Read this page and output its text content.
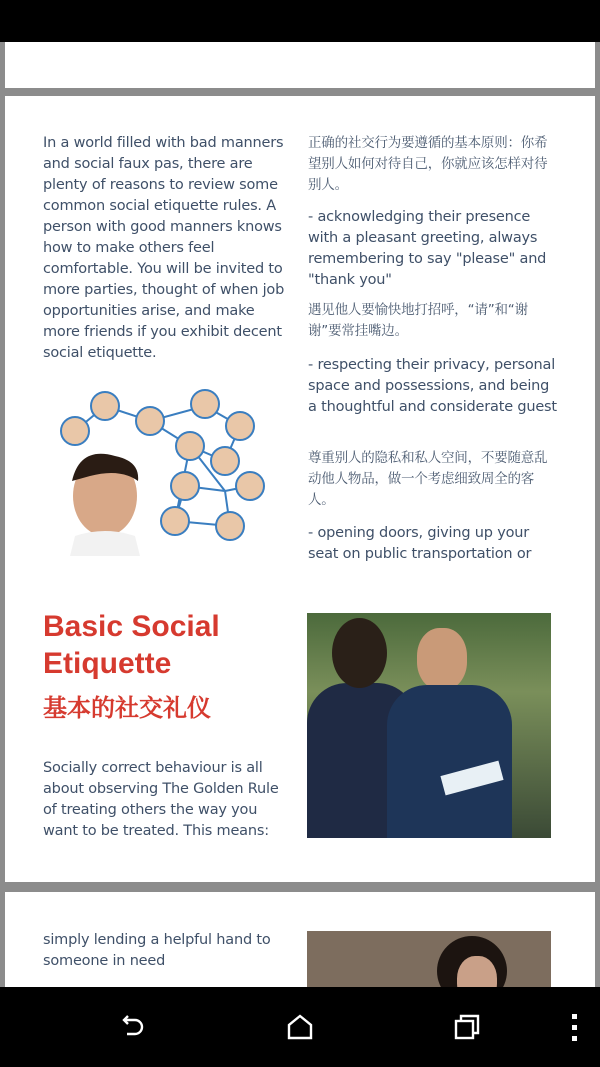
In a world filled with bad manners and social faux pas, there are plenty of reasons to review some common social etiquette rules. A person with good manners knows how to make others feel comfortable. You will be invited to more parties, thought of when job opportunities arise, and make more friends if you exhibit decent social etiquette.
正确的社交行为要遵循的基本原则：你希望别人如何对待自己，你就应该怎样对待别人。
- acknowledging their presence with a pleasant greeting, always remembering to say "please" and "thank you"
遇见他人要愉快地打招呼，“请”和“谢谢”要常挂嘴边。
- respecting their privacy, personal space and possessions, and being a thoughtful and considerate guest
尊重别人的隐私和私人空间，不要随意乱动他人物品，做一个考虑细致周全的客人。
- opening doors, giving up your seat on public transportation or
Basic Social Etiquette
基本的社交礼仪
Socially correct behaviour is all about observing The Golden Rule of treating others the way you want to be treated. This means:
simply lending a helpful hand to someone in need
